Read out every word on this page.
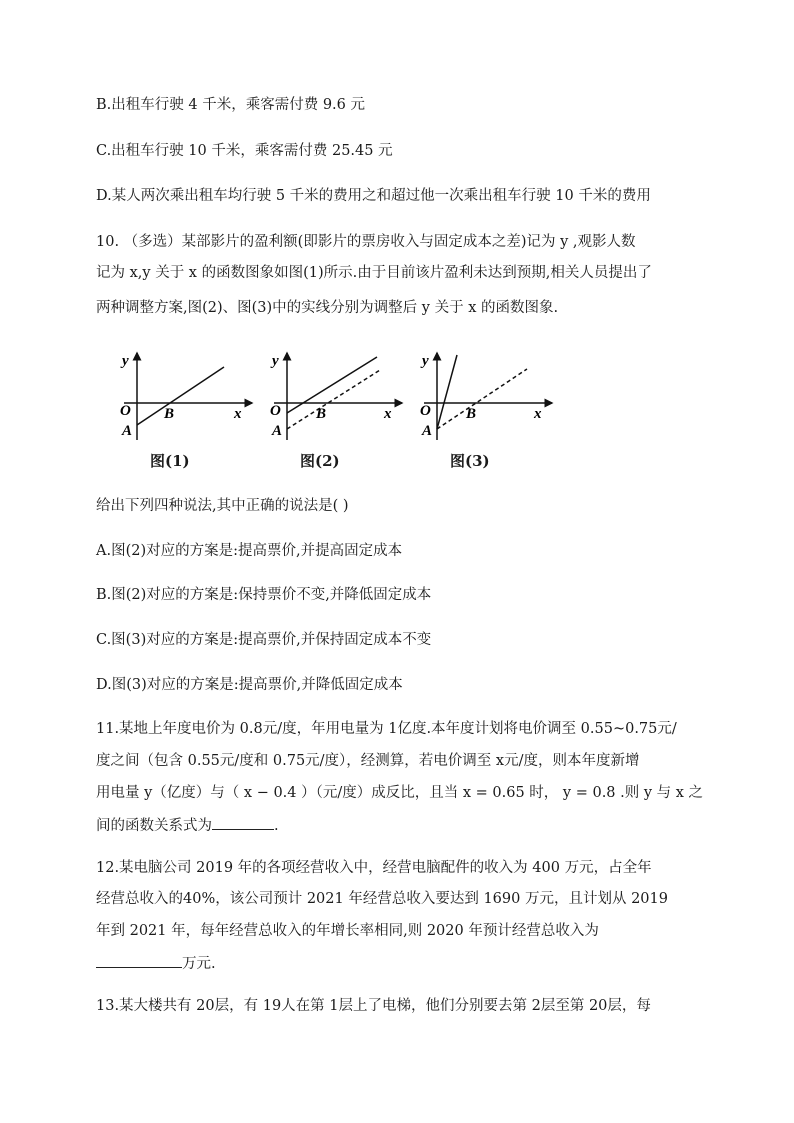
B.出租车行驶 4 千米，乘客需付费 9.6 元
C.出租车行驶 10 千米，乘客需付费 25.45 元
D.某人两次乘出租车均行驶 5 千米的费用之和超过他一次乘出租车行驶 10 千米的费用
10. （多选）某部影片的盈利额(即影片的票房收入与固定成本之差)记为 y ,观影人数
记为 x,y 关于 x 的函数图象如图(1)所示.由于目前该片盈利未达到预期,相关人员提出了
两种调整方案,图(2)、图(3)中的实线分别为调整后 y 关于 x 的函数图象.
y
x
O
A
B
图(1)
y
x
O
A
B
图(2)
y
x
O
A
B
图(3)
给出下列四种说法,其中正确的说法是( )
A.图(2)对应的方案是:提高票价,并提高固定成本
B.图(2)对应的方案是:保持票价不变,并降低固定成本
C.图(3)对应的方案是:提高票价,并保持固定成本不变
D.图(3)对应的方案是:提高票价,并降低固定成本
11.某地上年度电价为 0.8元/度，年用电量为 1亿度.本年度计划将电价调至 0.55~0.75元/
度之间（包含 0.55元/度和 0.75元/度），经测算，若电价调至 x元/度，则本年度新增
用电量 y（亿度）与（ x − 0.4 ）（元/度）成反比，且当 x = 0.65 时， y = 0.8 .则 y 与 x 之
间的函数关系式为	.
12.某电脑公司 2019 年的各项经营收入中，经营电脑配件的收入为 400 万元，占全年
经营总收入的40%，该公司预计 2021 年经营总收入要达到 1690 万元，且计划从 2019
年到 2021 年，每年经营总收入的年增长率相同,则 2020 年预计经营总收入为
万元.
13.某大楼共有 20层，有 19人在第 1层上了电梯，他们分别要去第 2层至第 20层，每
